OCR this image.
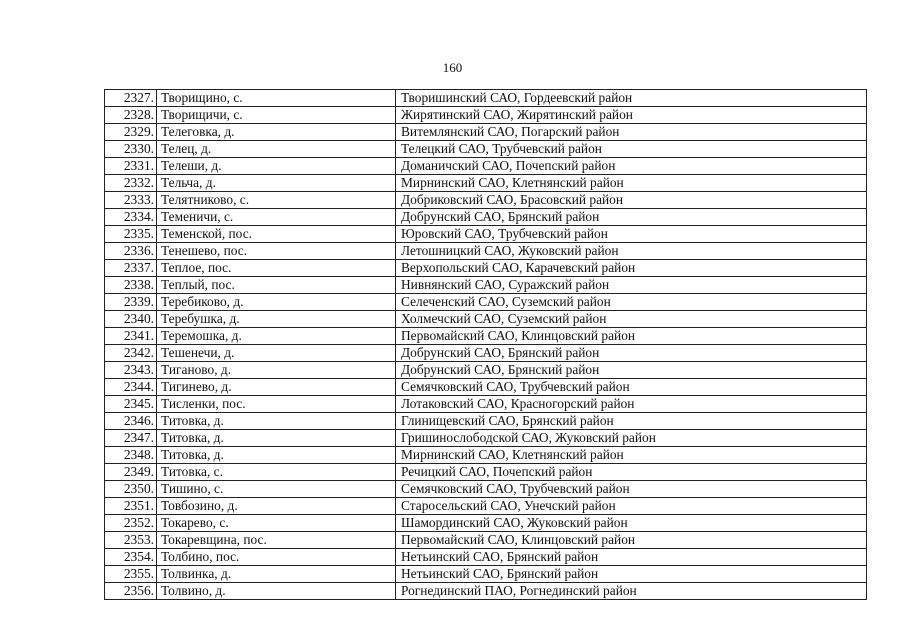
160
2327.	Творищино, с.	Творишинский САО, Гордеевский район
2328.	Творищичи, с.	Жирятинский САО, Жирятинский район
2329.	Телеговка, д.	Витемлянский САО, Погарский район
2330.	Телец, д.	Телецкий САО, Трубчевский район
2331.	Телеши, д.	Доманичский САО, Почепский район
2332.	Тельча, д.	Мирнинский САО, Клетнянский район
2333.	Телятниково, с.	Добриковский САО, Брасовский район
2334.	Теменичи, с.	Добрунский САО, Брянский район
2335.	Теменской, пос.	Юровский САО, Трубчевский район
2336.	Тенешево, пос.	Летошницкий САО, Жуковский район
2337.	Теплое, пос.	Верхопольский САО, Карачевский район
2338.	Теплый, пос.	Нивнянский САО, Суражский район
2339.	Теребиково, д.	Селеченский САО, Суземский район
2340.	Теребушка, д.	Холмечский САО, Суземский район
2341.	Теремошка, д.	Первомайский САО, Клинцовский район
2342.	Тешенечи, д.	Добрунский САО, Брянский район
2343.	Тиганово, д.	Добрунский САО, Брянский район
2344.	Тигинево, д.	Семячковский САО, Трубчевский район
2345.	Тисленки, пос.	Лотаковский САО, Красногорский район
2346.	Титовка, д.	Глинищевский САО, Брянский район
2347.	Титовка, д.	Гришинослободской САО, Жуковский район
2348.	Титовка, д.	Мирнинский САО, Клетнянский район
2349.	Титовка, с.	Речицкий САО, Почепский район
2350.	Тишино, с.	Семячковский САО, Трубчевский район
2351.	Товбозино, д.	Старосельский САО, Унечский район
2352.	Токарево, с.	Шамординский САО, Жуковский район
2353.	Токаревщина, пос.	Первомайский САО, Клинцовский район
2354.	Толбино, пос.	Нетьинский САО, Брянский район
2355.	Толвинка, д.	Нетьинский САО, Брянский район
2356.	Толвино, д.	Рогнединский ПАО, Рогнединский район
